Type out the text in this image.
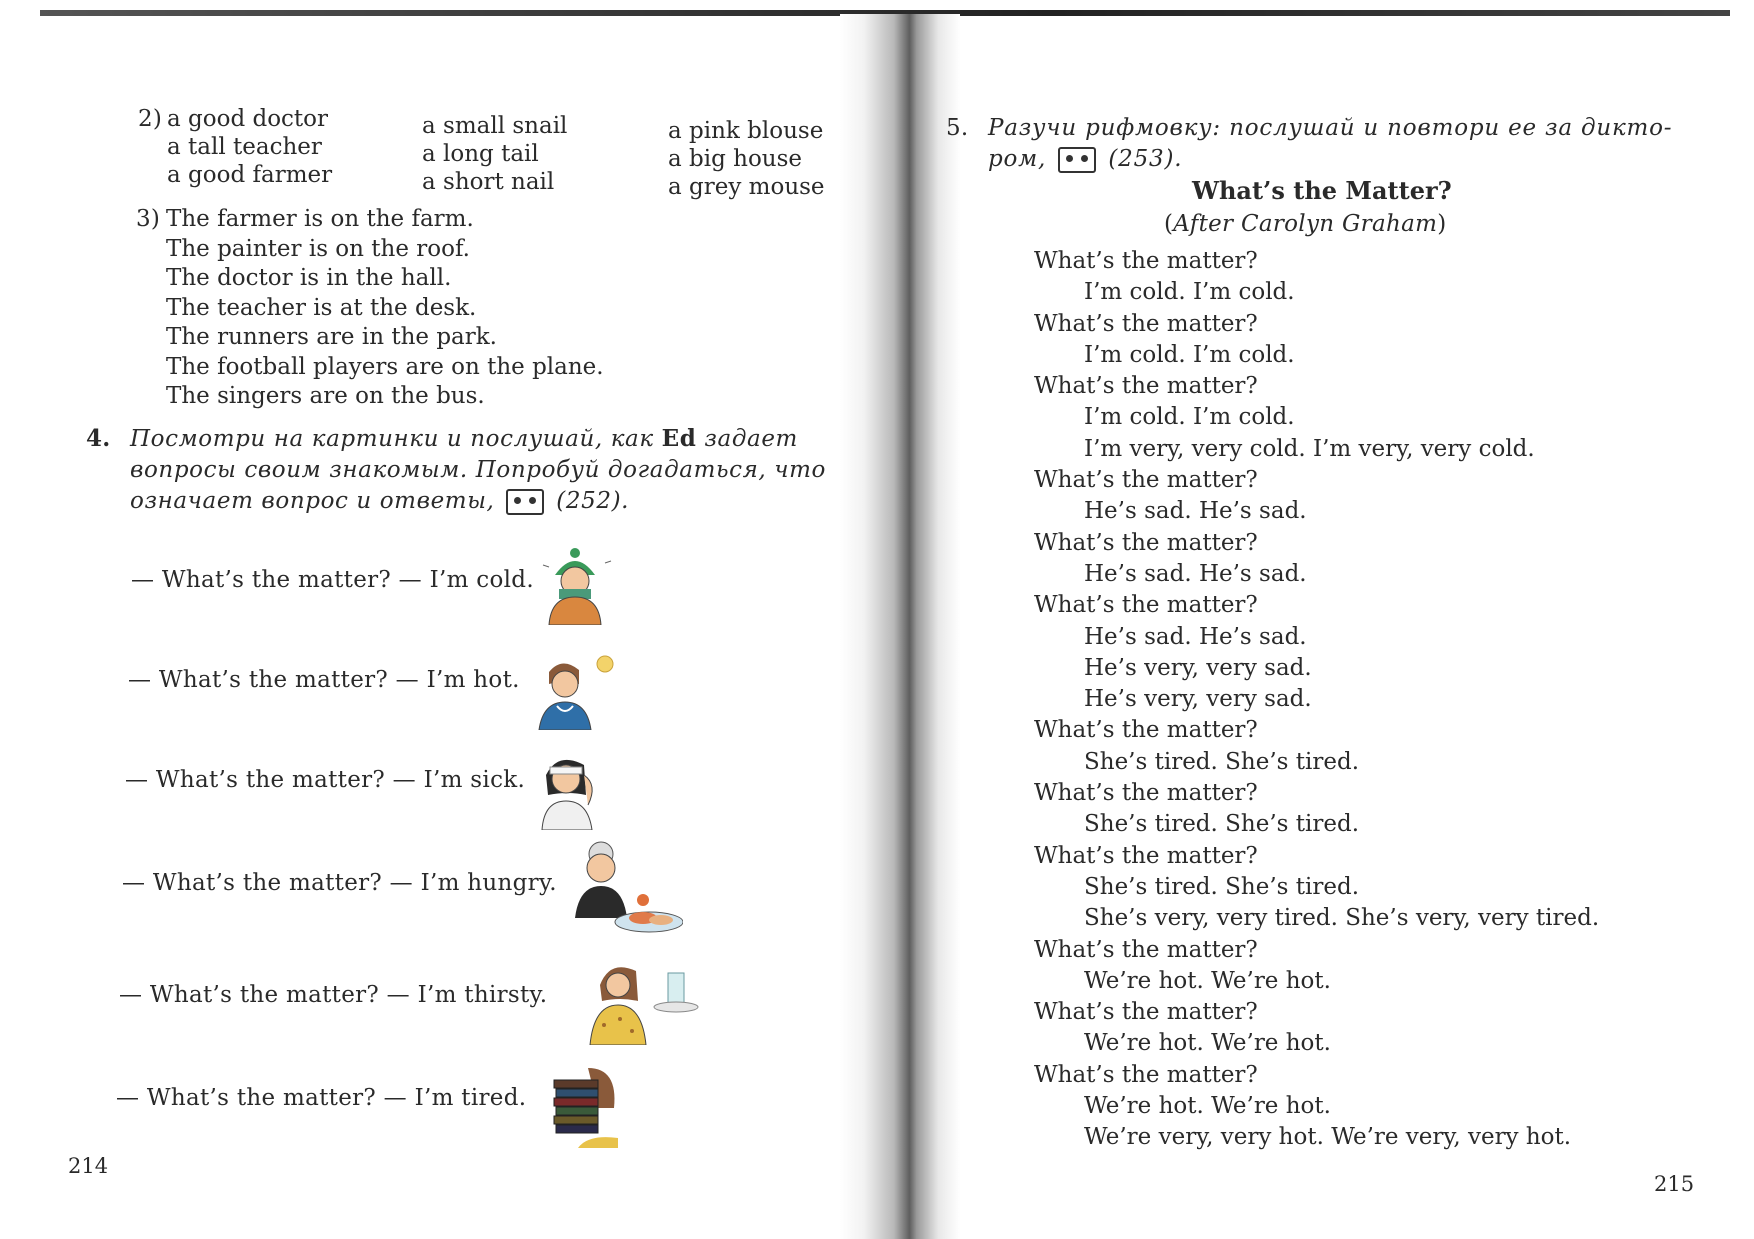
2) a good doctor
a tall teacher
a good farmer
a small snail
a long tail
a short nail
a pink blouse
a big house
a grey mouse
3) The farmer is on the farm.
The painter is on the roof.
The doctor is in the hall.
The teacher is at the desk.
The runners are in the park.
The football players are on the plane.
The singers are on the bus.
4. Посмотри на картинки и послушай, как Ed задает
вопросы своим знакомым. Попробуй догадаться, что
означает вопрос и ответы,	(252).
— What’s the matter? — I’m cold.
— What’s the matter? — I’m hot.
— What’s the matter? — I’m sick.
— What’s the matter? — I’m hungry.
— What’s the matter? — I’m thirsty.
— What’s the matter? — I’m tired.
214
5. Разучи рифмовку: послушай и повтори ее за дикто-
ром,	(253).
What’s the Matter?
(After Carolyn Graham)
What’s the matter?
I’m cold. I’m cold.
What’s the matter?
I’m cold. I’m cold.
What’s the matter?
I’m cold. I’m cold.
I’m very, very cold. I’m very, very cold.
What’s the matter?
He’s sad. He’s sad.
What’s the matter?
He’s sad. He’s sad.
What’s the matter?
He’s sad. He’s sad.
He’s very, very sad.
He’s very, very sad.
What’s the matter?
She’s tired. She’s tired.
What’s the matter?
She’s tired. She’s tired.
What’s the matter?
She’s tired. She’s tired.
She’s very, very tired. She’s very, very tired.
What’s the matter?
We’re hot. We’re hot.
What’s the matter?
We’re hot. We’re hot.
What’s the matter?
We’re hot. We’re hot.
We’re very, very hot. We’re very, very hot.
215
